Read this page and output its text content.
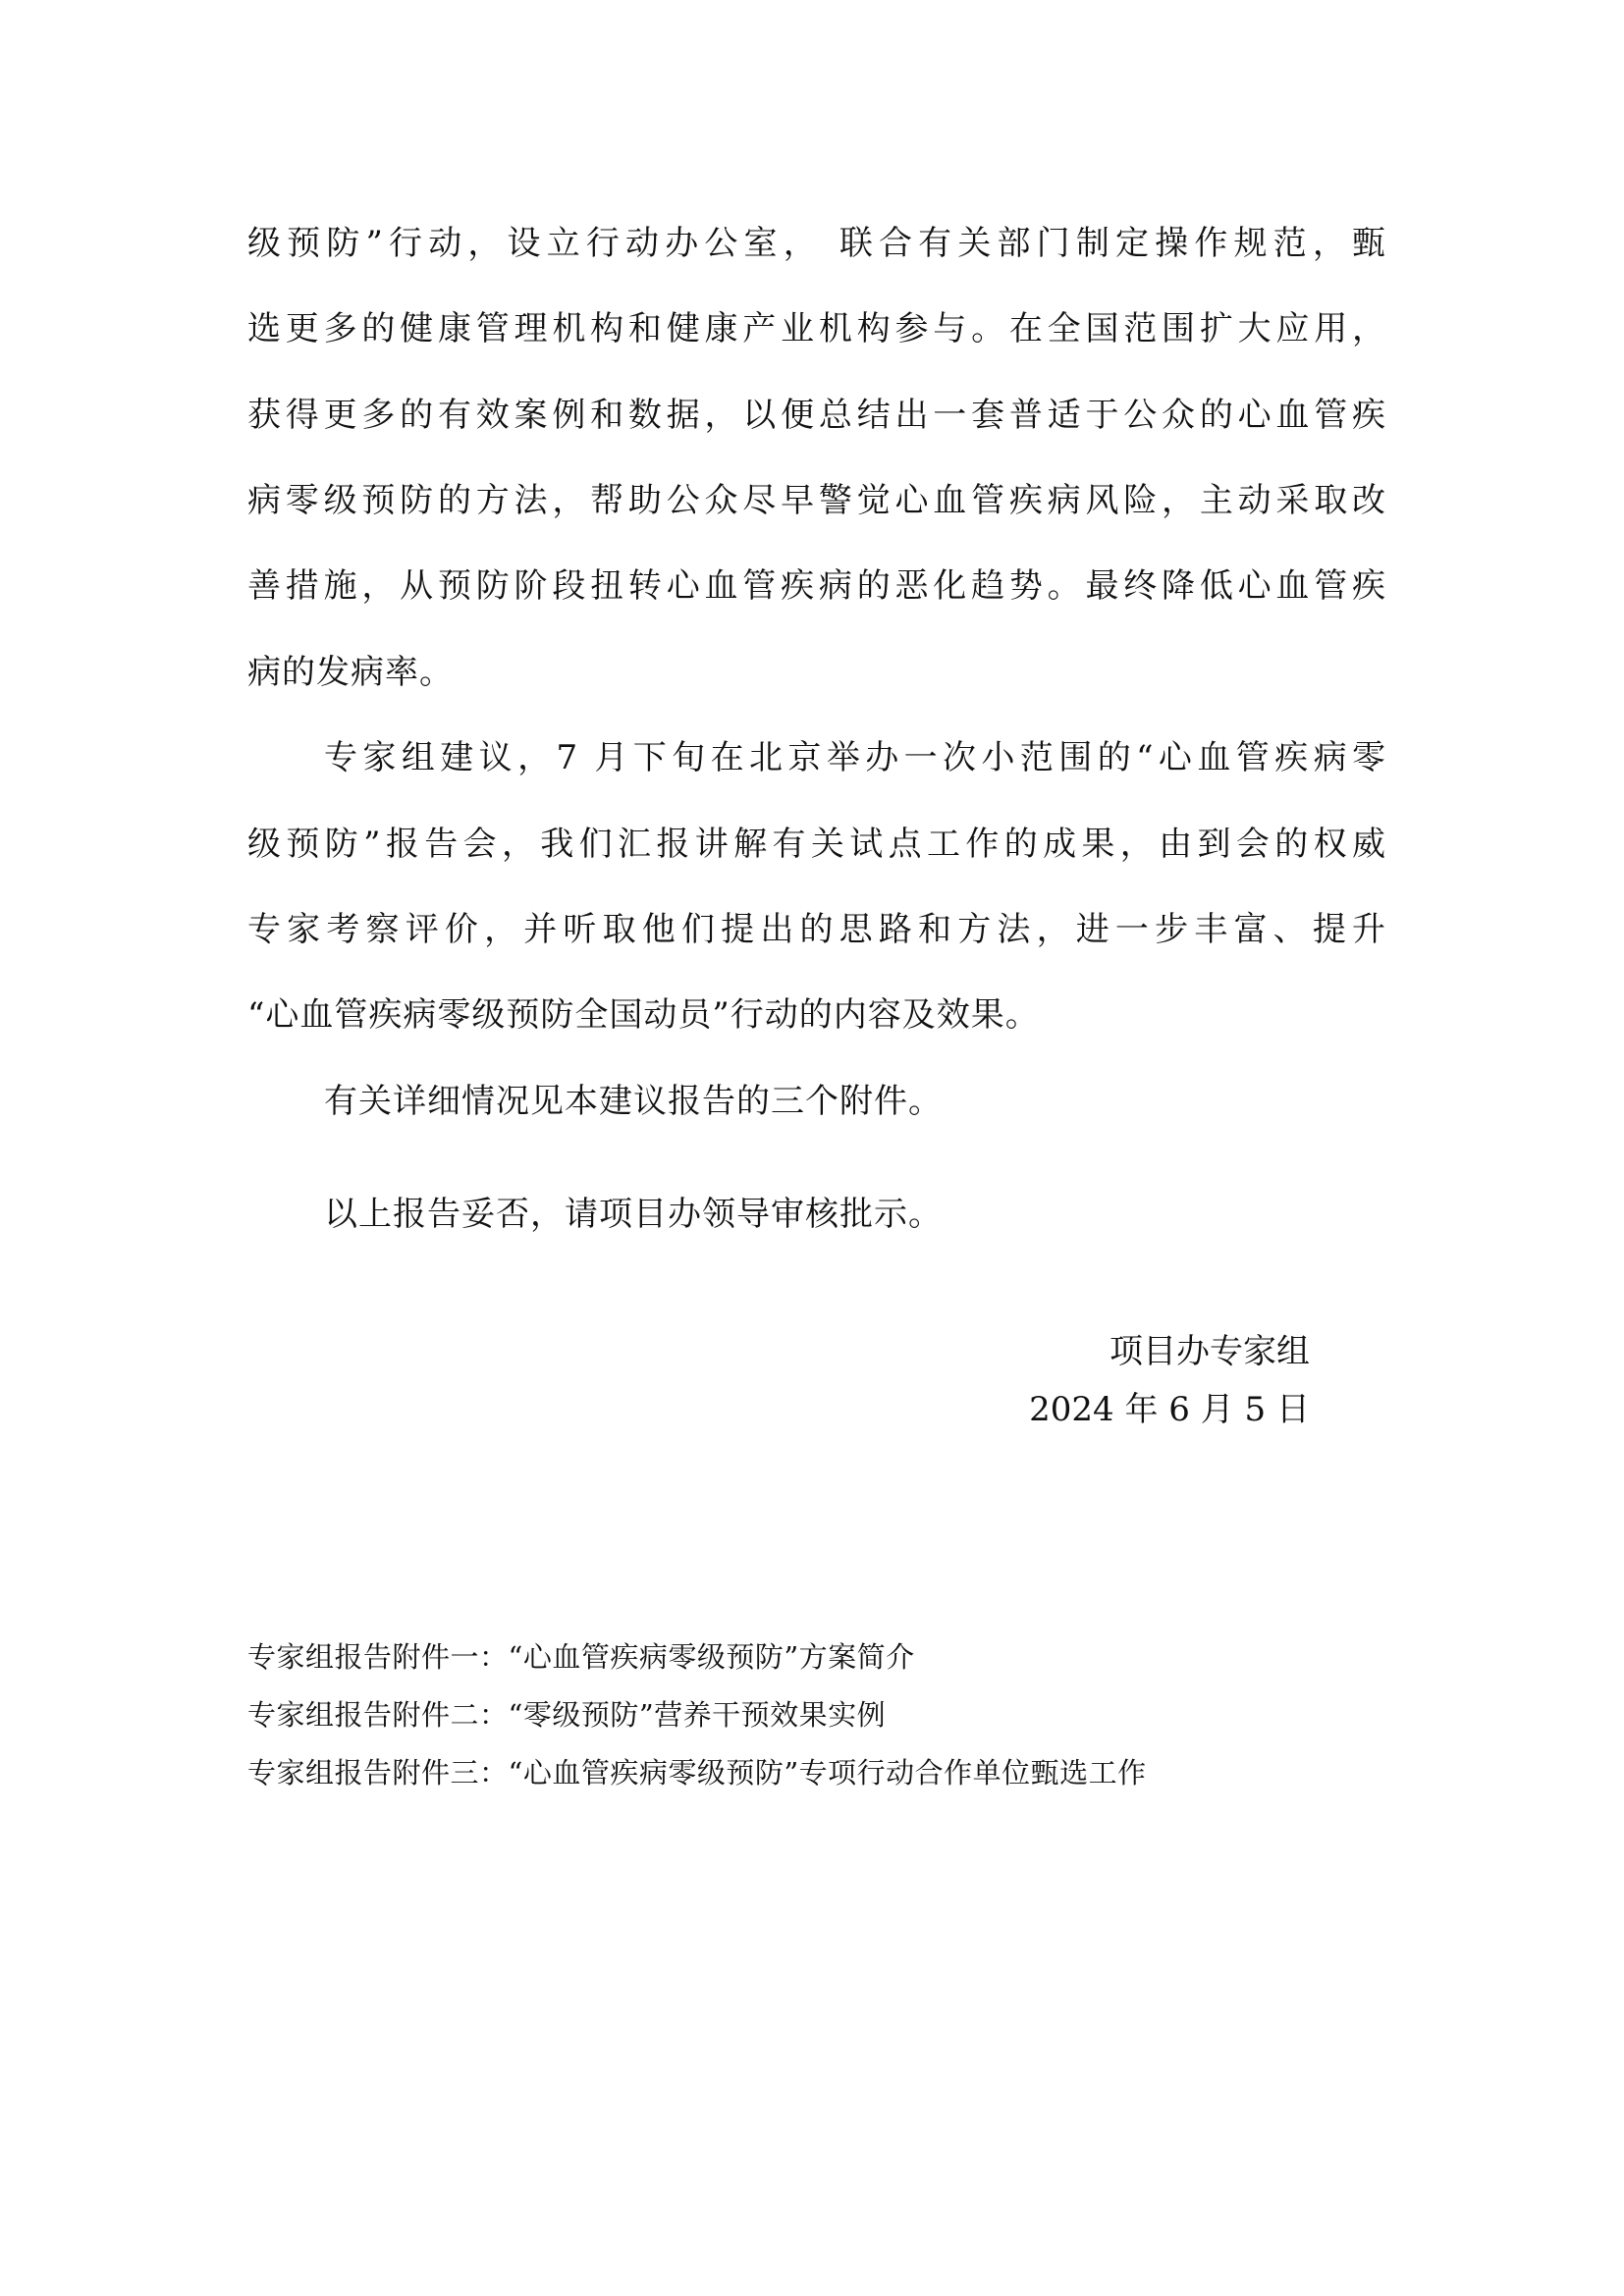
级预防”行动，设立行动办公室， 联合有关部门制定操作规范，甄
选更多的健康管理机构和健康产业机构参与。在全国范围扩大应用，
获得更多的有效案例和数据，以便总结出一套普适于公众的心血管疾
病零级预防的方法，帮助公众尽早警觉心血管疾病风险，主动采取改
善措施，从预防阶段扭转心血管疾病的恶化趋势。最终降低心血管疾
病的发病率。
专家组建议，7 月下旬在北京举办一次小范围的“心血管疾病零
级预防”报告会，我们汇报讲解有关试点工作的成果，由到会的权威
专家考察评价，并听取他们提出的思路和方法，进一步丰富、提升
“心血管疾病零级预防全国动员”行动的内容及效果。
有关详细情况见本建议报告的三个附件。
以上报告妥否，请项目办领导审核批示。
项目办专家组
2024 年 6 月 5 日
专家组报告附件一：“心血管疾病零级预防”方案简介
专家组报告附件二：“零级预防”营养干预效果实例
专家组报告附件三：“心血管疾病零级预防”专项行动合作单位甄选工作
